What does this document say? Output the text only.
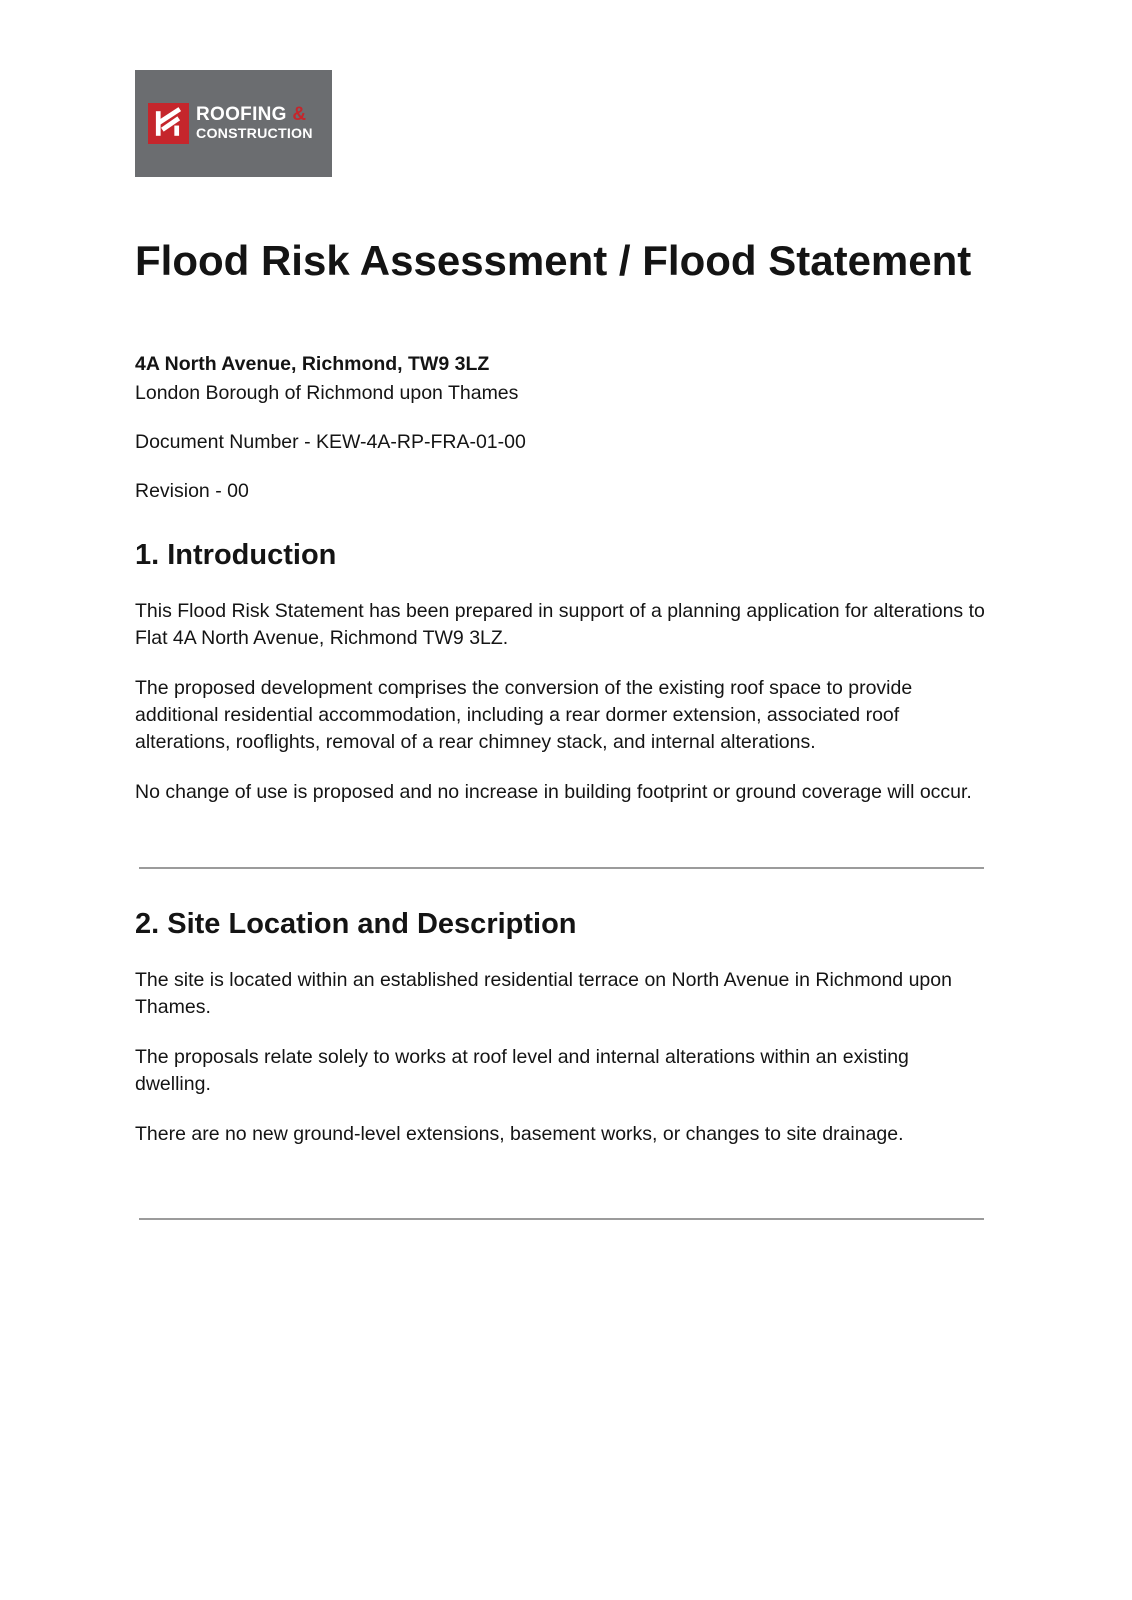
ROOFING &
CONSTRUCTION
Flood Risk Assessment / Flood Statement
4A North Avenue, Richmond, TW9 3LZ
London Borough of Richmond upon Thames
Document Number - KEW-4A-RP-FRA-01-00
Revision - 00
1. Introduction

This Flood Risk Statement has been prepared in support of a planning application for alterations to Flat 4A North Avenue, Richmond TW9 3LZ.

The proposed development comprises the conversion of the existing roof space to provide additional residential accommodation, including a rear dormer extension, associated roof alterations, rooflights, removal of a rear chimney stack, and internal alterations.

No change of use is proposed and no increase in building footprint or ground coverage will occur.

2. Site Location and Description

The site is located within an established residential terrace on North Avenue in Richmond upon Thames.

The proposals relate solely to works at roof level and internal alterations within an existing dwelling.

There are no new ground-level extensions, basement works, or changes to site drainage.
